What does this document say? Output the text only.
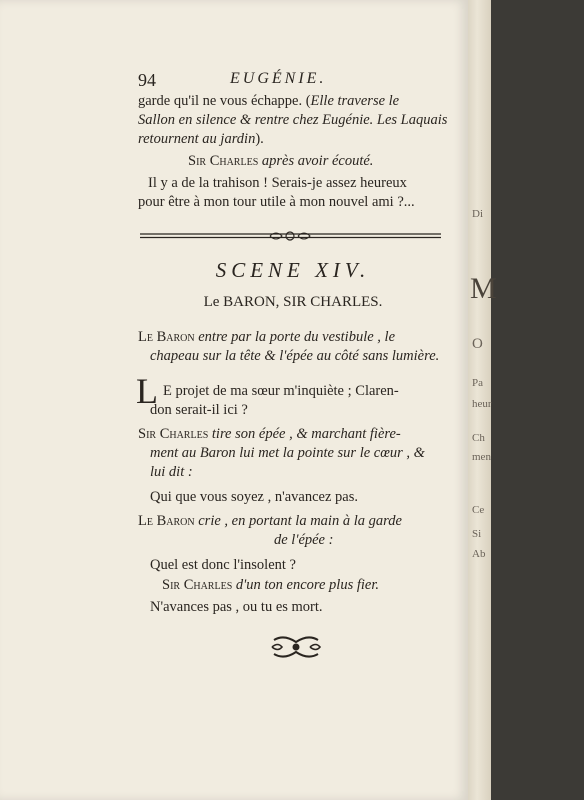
94	EUGÉNIE.
garde qu'il ne vous échappe. (Elle traverse le
Sallon en silence & rentre chez Eugénie. Les Laquais
retournent au jardin).
Sir Charles après avoir écouté.
Il y a de la trahison ! Serais-je assez heureux
pour être à mon tour utile à mon nouvel ami ?...
SCENE XIV.
Le BARON, SIR CHARLES.
Le Baron entre par la porte du vestibule , le
chapeau sur la tête & l'épée au côté sans lumière.
L E projet de ma sœur m'inquiète ; Claren-
don serait-il ici ?
Sir Charles tire son épée , & marchant fière-
ment au Baron lui met la pointe sur le cœur , &
lui dit :
Qui que vous soyez , n'avancez pas.
Le Baron crie , en portant la main à la garde
de l'épée :
Quel est donc l'insolent ?
Sir Charles d'un ton encore plus fier.
N'avances pas , ou tu es mort.
Di
M
O
Pa
heur
Ch
men
Ce
Si
Ab
